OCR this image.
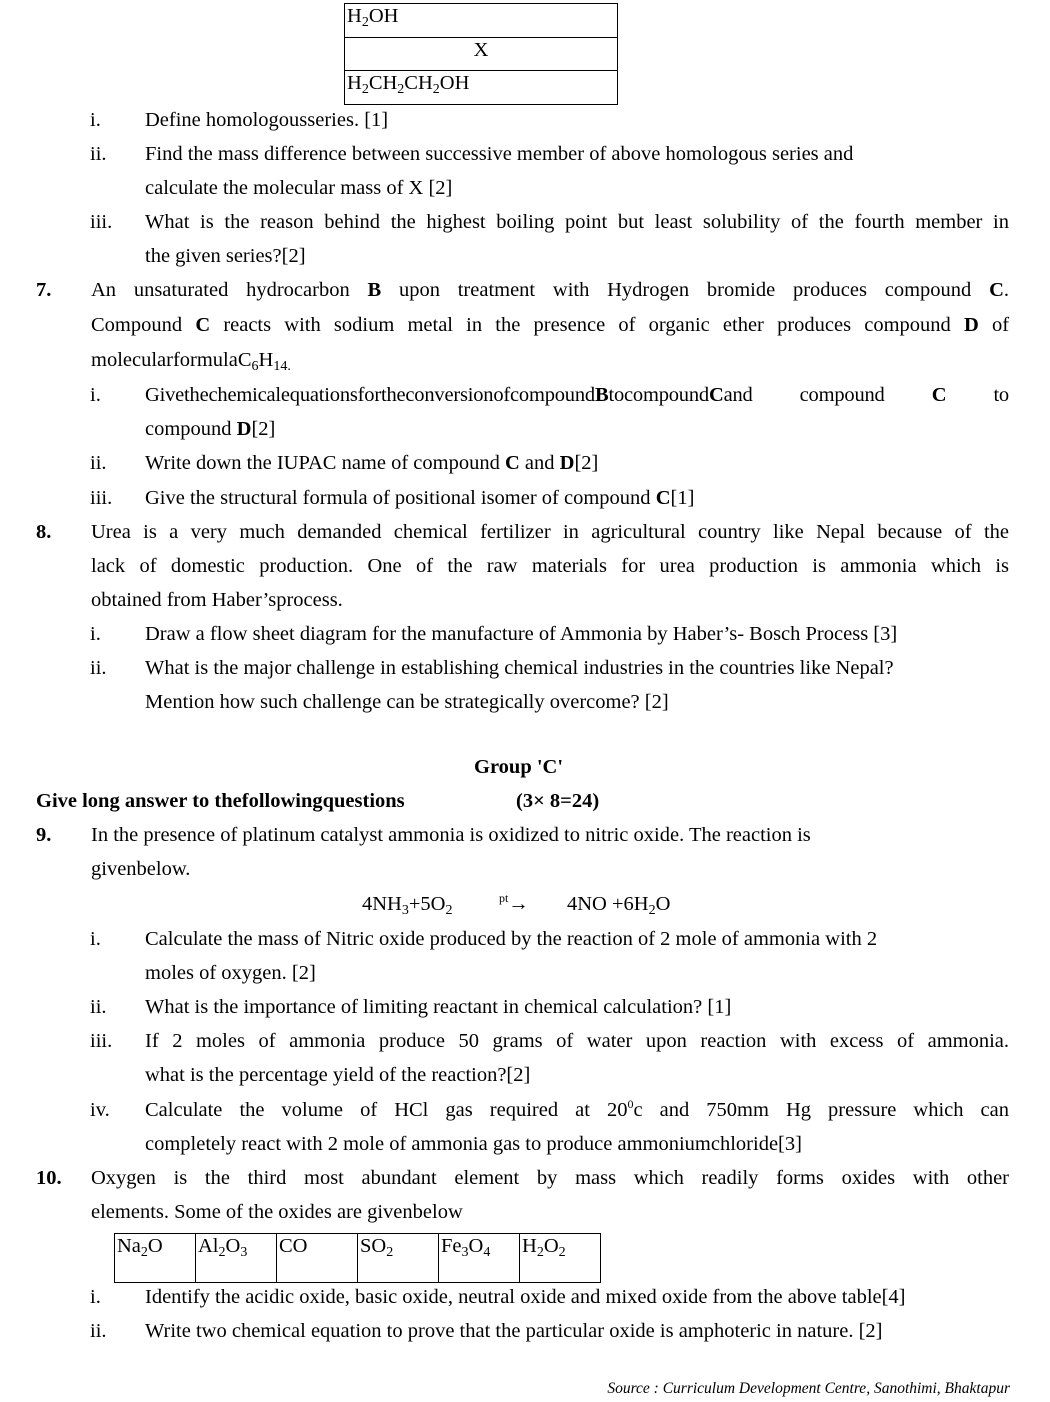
$H_2OH$
X
$H_2CH_2CH_2OH$
i. Define homologousseries. [1]
ii. Find the mass difference between successive member of above homologous series and
calculate the molecular mass of X [2]
iii. What is the reason behind the highest boiling point but least solubility of the fourth member in
the given series?[2]
7. An unsaturated hydrocarbon B upon treatment with Hydrogen bromide produces compound C.
Compound C reacts with sodium metal in the presence of organic ether produces compound D of
$molecularformulaC_6H_{14.}$
i. GivethechemicalequationsfortheconversionofcompoundBtocompoundCand compound C to
compound D[2]
ii. Write down the IUPAC name of compound C and D[2]
iii. Give the structural formula of positional isomer of compound C[1]
8. Urea is a very much demanded chemical fertilizer in agricultural country like Nepal because of the
lack of domestic production. One of the raw materials for urea production is ammonia which is
obtained from Haber’sprocess.
i. Draw a flow sheet diagram for the manufacture of Ammonia by Haber’s- Bosch Process [3]
ii. What is the major challenge in establishing chemical industries in the countries like Nepal?
Mention how such challenge can be strategically overcome? [2]
Group 'C'
Give long answer to thefollowingquestions	(3× 8=24)
9. In the presence of platinum catalyst ammonia is oxidized to nitric oxide. The reaction is
givenbelow.
$4NH_3+5O_2$
$^{pt}\to 4NO +6H_2O$
i. Calculate the mass of Nitric oxide produced by the reaction of 2 mole of ammonia with 2
moles of oxygen. [2]
ii. What is the importance of limiting reactant in chemical calculation? [1]
iii. If 2 moles of ammonia produce 50 grams of water upon reaction with excess of ammonia.
what is the percentage yield of the reaction?[2]
iv. Calculate the volume of HCl gas required at $20^0c$ and 750mm Hg pressure which can
completely react with 2 mole of ammonia gas to produce ammoniumchloride[3]
10. Oxygen is the third most abundant element by mass which readily forms oxides with other
elements. Some of the oxides are givenbelow
$Na_2O$	$Al_2O_3$	CO	$SO_2$	$Fe_3O_4$	$H_2O_2$
i. Identify the acidic oxide, basic oxide, neutral oxide and mixed oxide from the above table[4]
ii. Write two chemical equation to prove that the particular oxide is amphoteric in nature. [2]
Source : Curriculum Development Centre, Sanothimi, Bhaktapur
